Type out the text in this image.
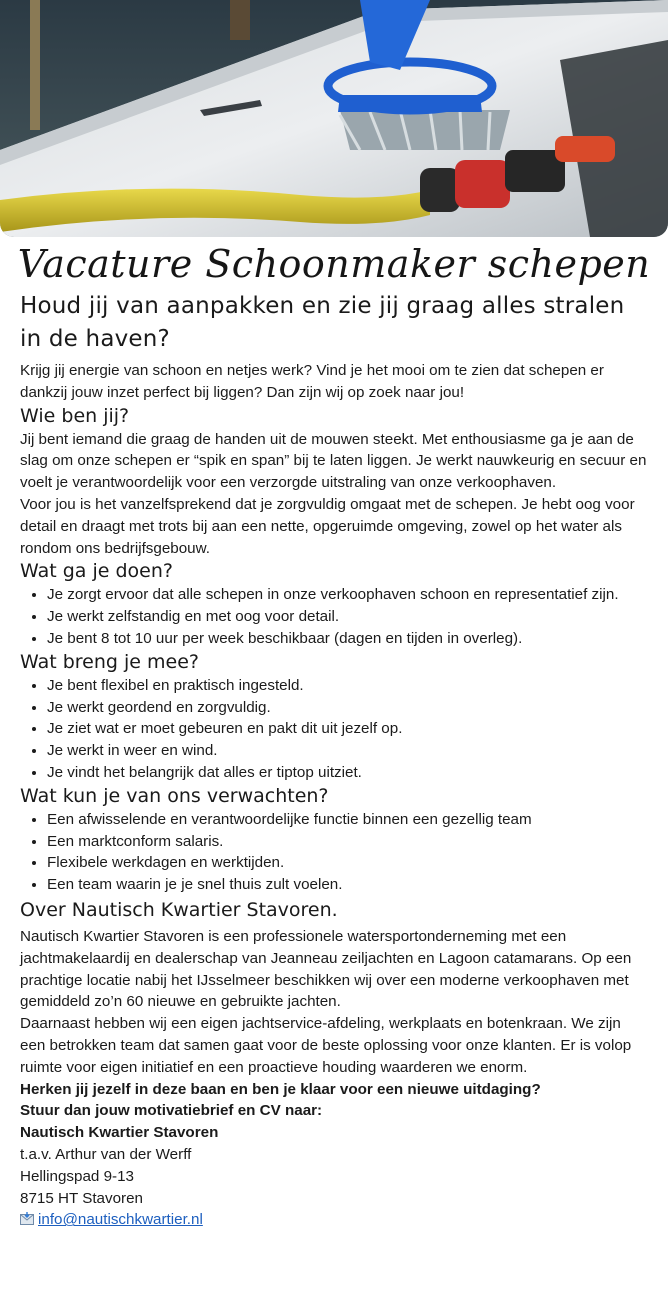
Vacature Schoonmaker schepen
Houd jij van aanpakken en zie jij graag alles stralen in de haven?

Krijg jij energie van schoon en netjes werk? Vind je het mooi om te zien dat schepen er dankzij jouw inzet perfect bij liggen? Dan zijn wij op zoek naar jou!

Wie ben jij?

Jij bent iemand die graag de handen uit de mouwen steekt. Met enthousiasme ga je aan de slag om onze schepen er “spik en span” bij te laten liggen. Je werkt nauwkeurig en secuur en voelt je verantwoordelijk voor een verzorgde uitstraling van onze verkoophaven.

Voor jou is het vanzelfsprekend dat je zorgvuldig omgaat met de schepen. Je hebt oog voor detail en draagt met trots bij aan een nette, opgeruimde omgeving, zowel op het water als rondom ons bedrijfsgebouw.

Wat ga je doen?
• Je zorgt ervoor dat alle schepen in onze verkoophaven schoon en representatief zijn.
• Je werkt zelfstandig en met oog voor detail.
• Je bent 8 tot 10 uur per week beschikbaar (dagen en tijden in overleg).
Wat breng je mee?
• Je bent flexibel en praktisch ingesteld.
• Je werkt geordend en zorgvuldig.
• Je ziet wat er moet gebeuren en pakt dit uit jezelf op.
• Je werkt in weer en wind.
• Je vindt het belangrijk dat alles er tiptop uitziet.
Wat kun je van ons verwachten?
• Een afwisselende en verantwoordelijke functie binnen een gezellig team
• Een marktconform salaris.
• Flexibele werkdagen en werktijden.
• Een team waarin je je snel thuis zult voelen.
Over Nautisch Kwartier Stavoren.

Nautisch Kwartier Stavoren is een professionele watersportonderneming met een jachtmakelaardij en dealerschap van Jeanneau zeiljachten en Lagoon catamarans. Op een prachtige locatie nabij het IJsselmeer beschikken wij over een moderne verkoophaven met gemiddeld zo’n 60 nieuwe en gebruikte jachten.

Daarnaast hebben wij een eigen jachtservice-afdeling, werkplaats en botenkraan. We zijn een betrokken team dat samen gaat voor de beste oplossing voor onze klanten. Er is volop ruimte voor eigen initiatief en een proactieve houding waarderen we enorm.

Herken jij jezelf in deze baan en ben je klaar voor een nieuwe uitdaging?

Stuur dan jouw motivatiebrief en CV naar:

Nautisch Kwartier Stavoren

t.a.v. Arthur van der Werff

Hellingspad 9-13

8715 HT Stavoren

info@nautischkwartier.nl
